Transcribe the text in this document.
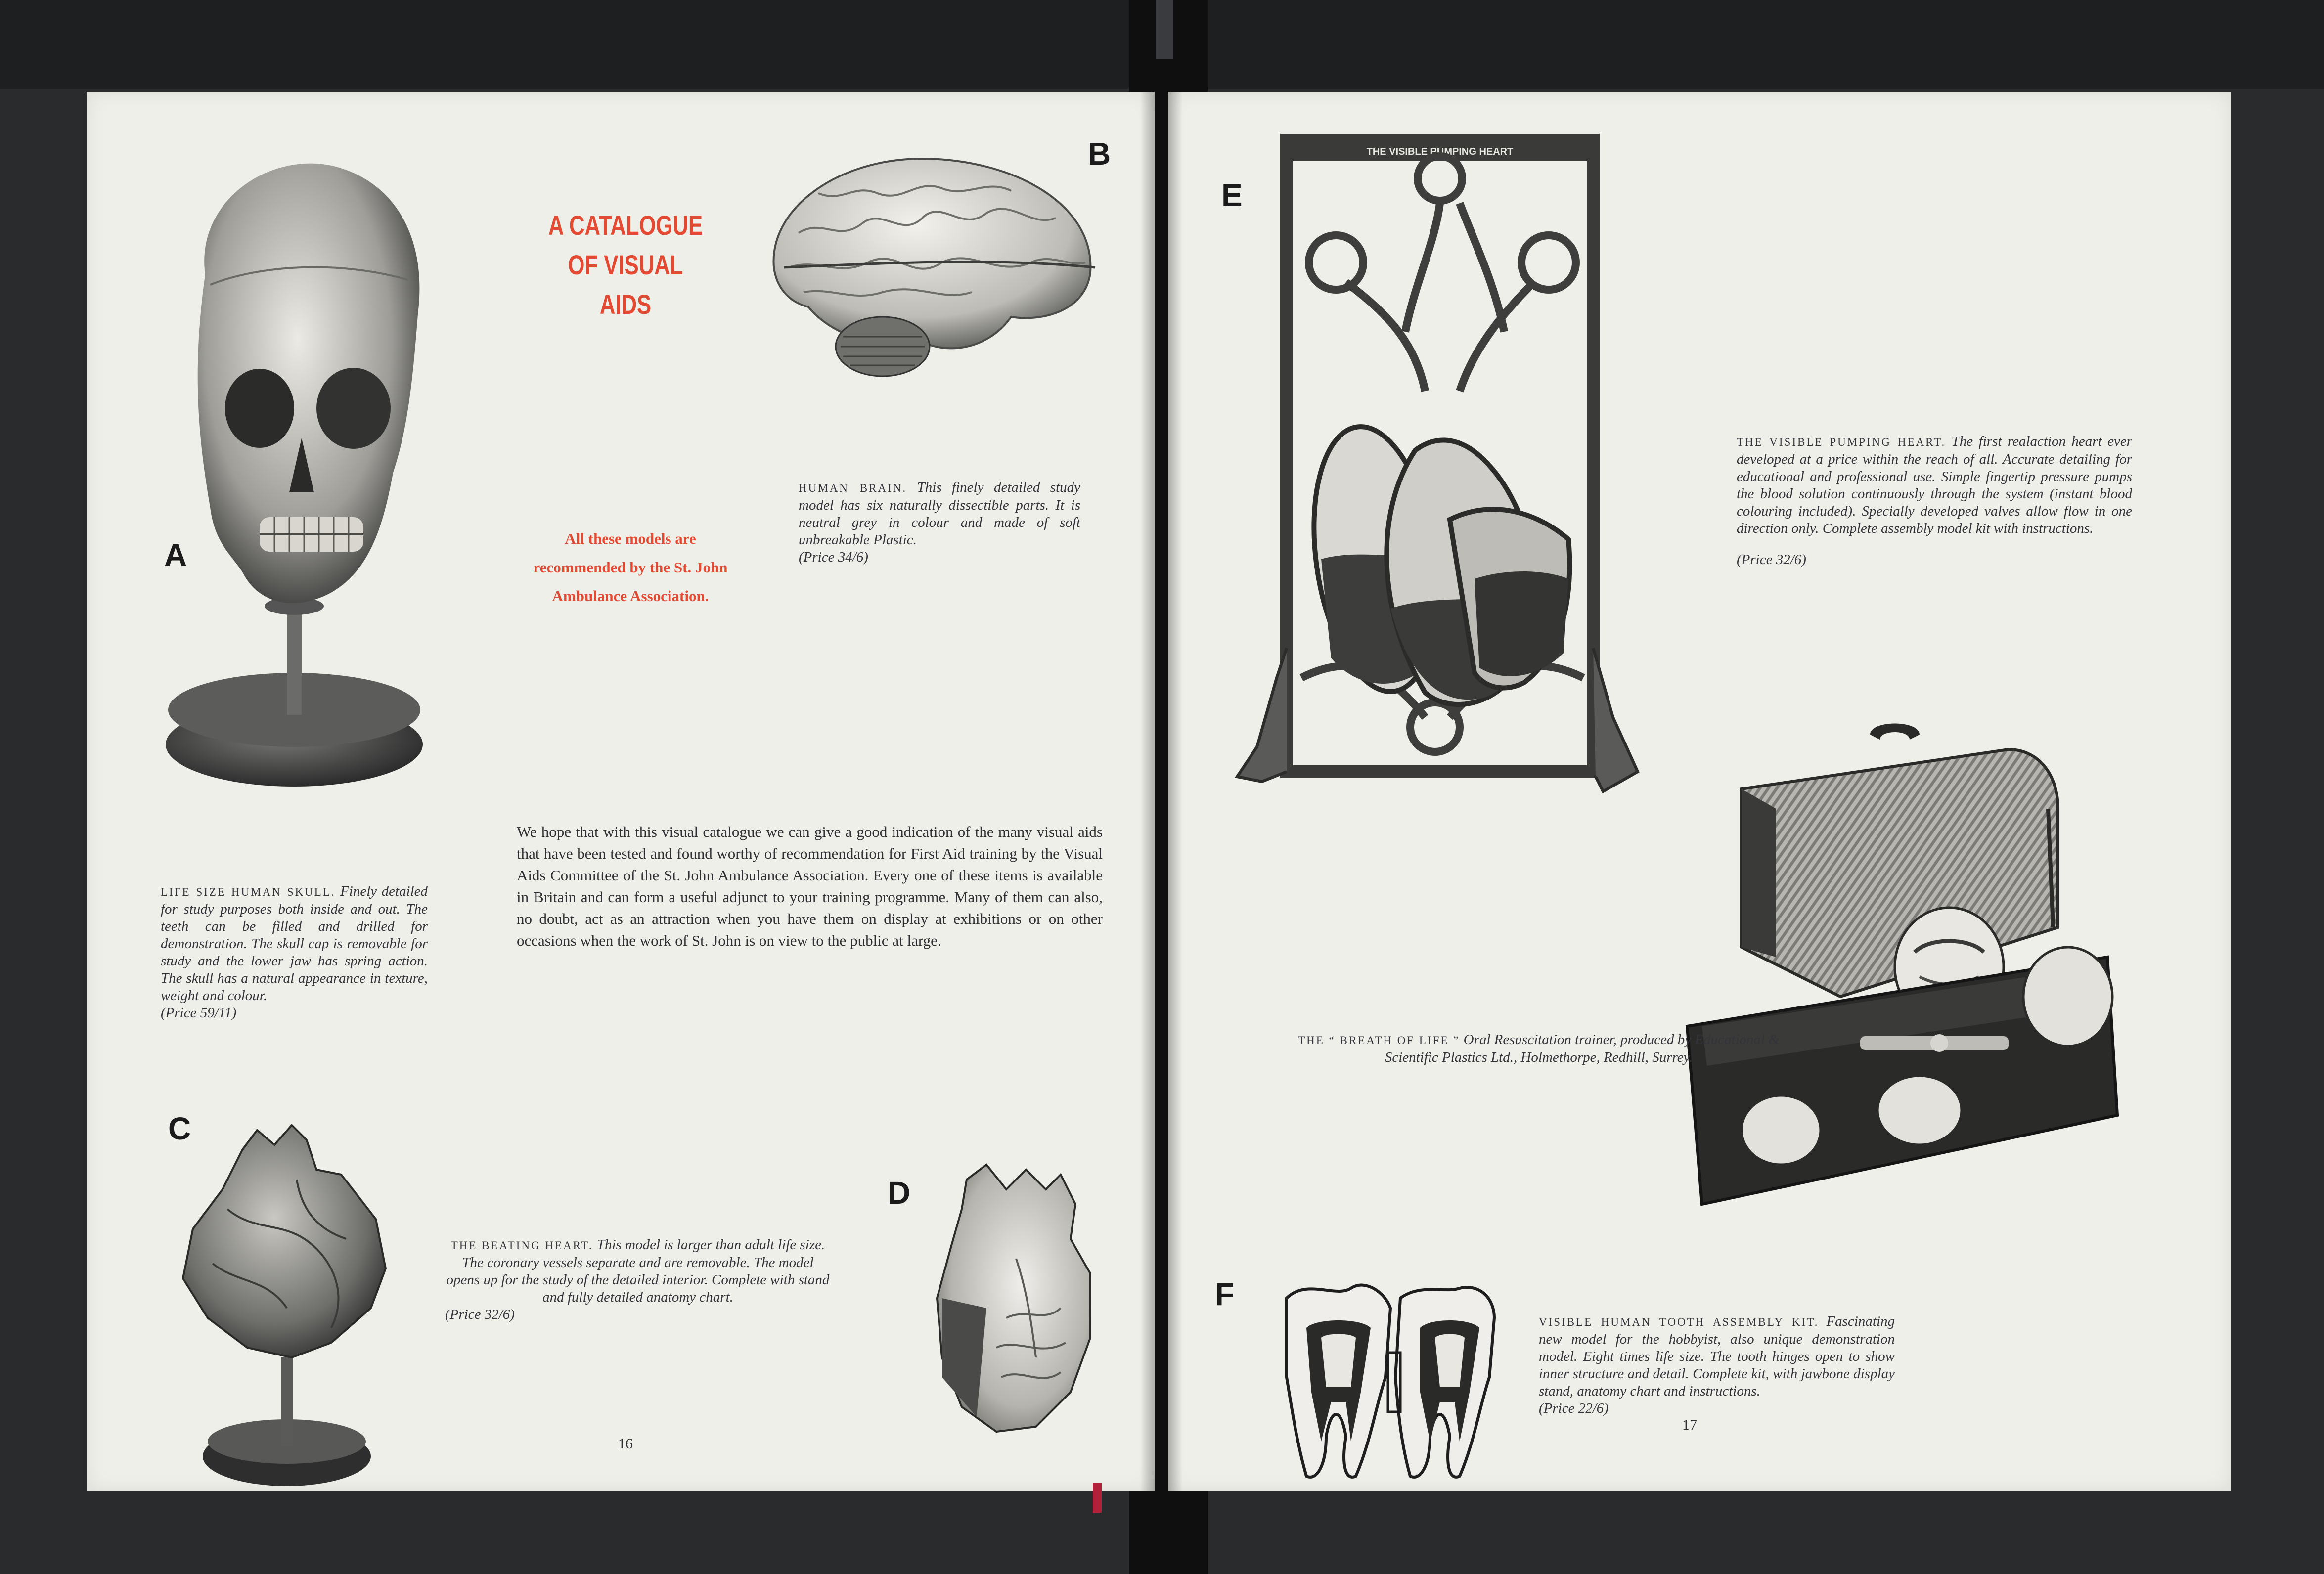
A
A CATALOGUE OF VISUAL AIDS
All these models are recommended by the St. John Ambulance Association.
B
HUMAN BRAIN. This finely detailed study model has six naturally dissectible parts. It is neutral grey in colour and made of soft unbreakable Plastic.
(Price 34/6)
LIFE SIZE HUMAN SKULL. Finely detailed for study purposes both inside and out. The teeth can be filled and drilled for demonstration. The skull cap is removable for study and the lower jaw has spring action. The skull has a natural appearance in texture, weight and colour.
(Price 59/11)
We hope that with this visual catalogue we can give a good indication of the many visual aids that have been tested and found worthy of recommendation for First Aid training by the Visual Aids Committee of the St. John Ambulance Association. Every one of these items is available in Britain and can form a useful adjunct to your training programme. Many of them can also, no doubt, act as an attraction when you have them on display at exhibitions or on other occasions when the work of St. John is on view to the public at large.
C
THE BEATING HEART. This model is larger than adult life size. The coronary vessels separate and are removable. The model opens up for the study of the detailed interior. Complete with stand and fully detailed anatomy chart.
(Price 32/6)
D
16
E
THE VISIBLE PUMPING HEART
THE VISIBLE PUMPING HEART. The first realaction heart ever developed at a price within the reach of all. Accurate detailing for educational and professional use. Simple fingertip pressure pumps the blood solution continuously through the system (instant blood colouring included). Specially developed valves allow flow in one direction only. Complete assembly model kit with instructions.
(Price 32/6)
THE “ BREATH OF LIFE ” Oral Resuscitation trainer, produced by Educational & Scientific Plastics Ltd., Holmethorpe, Redhill, Surrey.
F
VISIBLE HUMAN TOOTH ASSEMBLY KIT. Fascinating new model for the hobbyist, also unique demonstration model. Eight times life size. The tooth hinges open to show inner structure and detail. Complete kit, with jawbone display stand, anatomy chart and instructions.
(Price 22/6)
17
